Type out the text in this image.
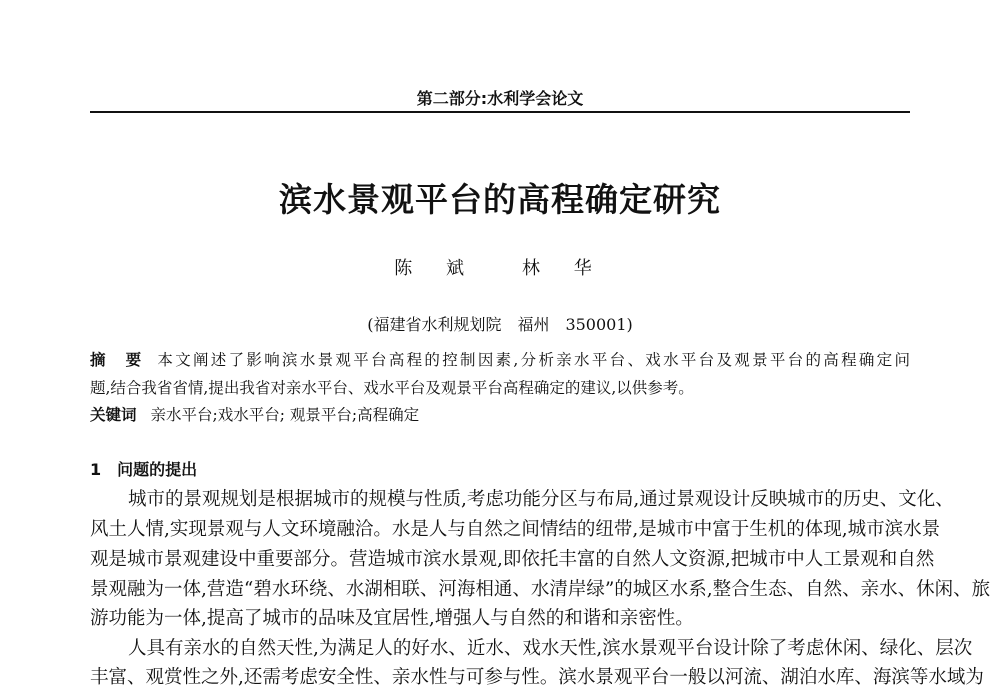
第二部分:水利学会论文
滨水景观平台的高程确定研究
陈 斌 林 华
(福建省水利规划院　福州　350001)
摘　要 本文阐述了影响滨水景观平台高程的控制因素,分析亲水平台、戏水平台及观景平台的高程确定问
题,结合我省省情,提出我省对亲水平台、戏水平台及观景平台高程确定的建议,以供参考。
关键词 亲水平台;戏水平台; 观景平台;高程确定
1 问题的提出
城市的景观规划是根据城市的规模与性质,考虑功能分区与布局,通过景观设计反映城市的历史、文化、
风土人情,实现景观与人文环境融洽。水是人与自然之间情结的纽带,是城市中富于生机的体现,城市滨水景
观是城市景观建设中重要部分。营造城市滨水景观,即依托丰富的自然人文资源,把城市中人工景观和自然
景观融为一体,营造“碧水环绕、水湖相联、河海相通、水清岸绿”的城区水系,整合生态、自然、亲水、休闲、旅
游功能为一体,提高了城市的品味及宜居性,增强人与自然的和谐和亲密性。
人具有亲水的自然天性,为满足人的好水、近水、戏水天性,滨水景观平台设计除了考虑休闲、绿化、层次
丰富、观赏性之外,还需考虑安全性、亲水性与可参与性。滨水景观平台一般以河流、湖泊水库、海滨等水域为
